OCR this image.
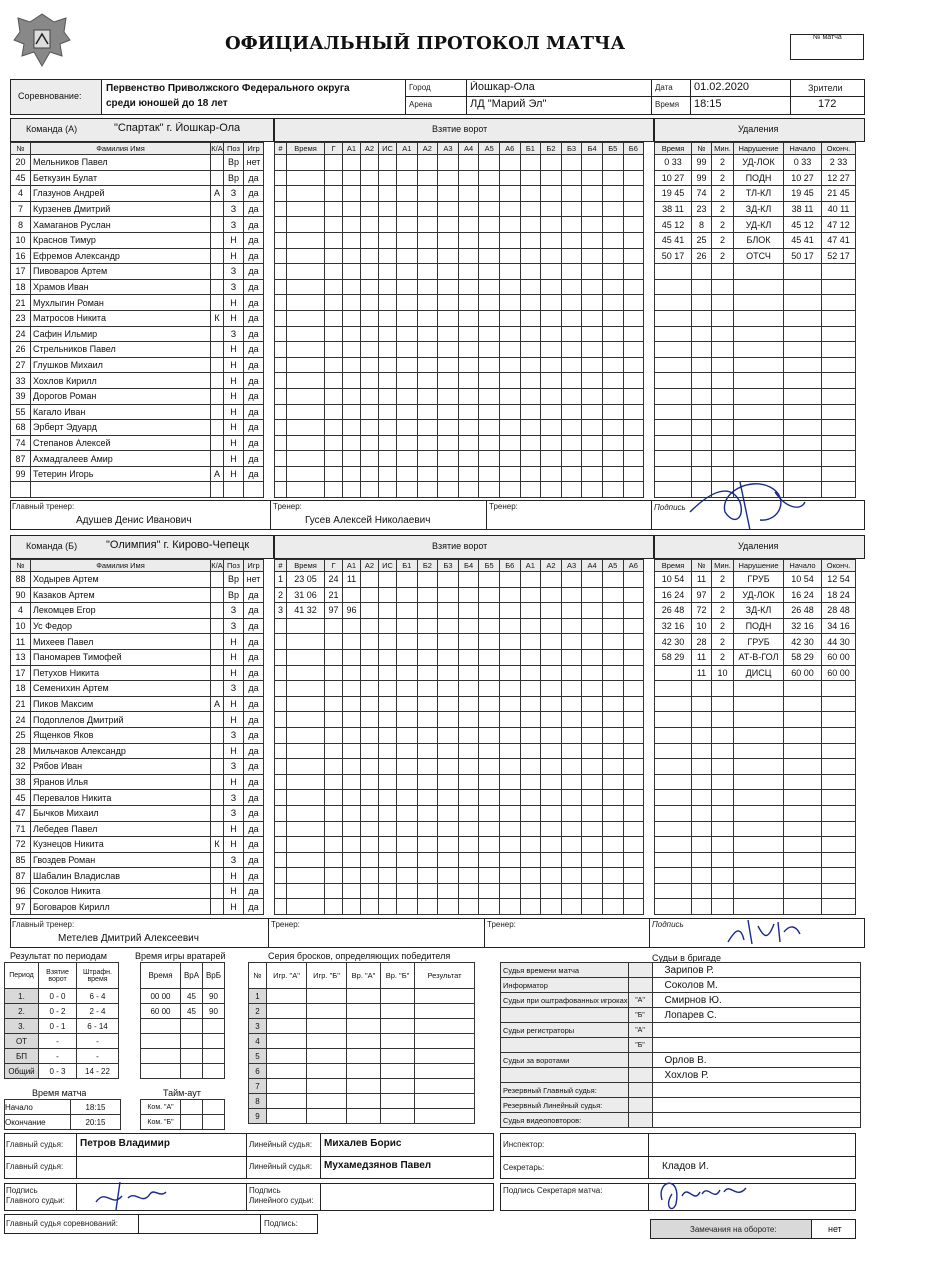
ОФИЦИАЛЬНЫЙ ПРОТОКОЛ МАТЧА	№ матча
Соревнование:
Первенство Приволжского Федерального округа
среди юношей до 18 лет
Город	Йошкар-Ола
Арена	ЛД "Марий Эл"
Дата 01.02.2020
Время 18:15
Зрители
172
Команда (А)	"Спартак" г. Йошкар-Ола	Взятие ворот	Удаления
№	Фамилия Имя	К/А	Поз	Игр
20	Мельников Павел		Вр	нет
45	Беткузин Булат		Вр	да
4	Глазунов Андрей	А	З	да
7	Курзенев Дмитрий		З	да
8	Хамаганов Руслан		З	да
10	Краснов Тимур		Н	да
16	Ефремов Александр		Н	да
17	Пивоваров Артем		З	да
18	Храмов Иван		З	да
21	Мухлыгин Роман		Н	да
23	Матросов Никита	К	Н	да
24	Сафин Ильмир		З	да
26	Стрельников Павел		Н	да
27	Глушков Михаил		Н	да
33	Хохлов Кирилл		Н	да
39	Дорогов Роман		Н	да
55	Кагало Иван		Н	да
68	Эрберт Эдуард		Н	да
74	Степанов Алексей		Н	да
87	Ахмадгалеев Амир		Н	да
99	Тетерин Игорь	А	Н	да

#	Время	Г	А1	А2	ИС	А1	А2	А3	А4	А5	А6	Б1	Б2	Б3	Б4	Б5	Б6

																		Время	№	Мин.	Нарушение	Начало	Оконч.
0 33	99	2	УД-ЛОК	0 33	2 33
10 27	99	2	ПОДН	10 27	12 27
19 45	74	2	ТЛ-КЛ	19 45	21 45
38 11	23	2	ЗД-КЛ	38 11	40 11
45 12	8	2	УД-КЛ	45 12	47 12
45 41	25	2	БЛОК	45 41	47 41
50 17	26	2	ОТСЧ	50 17	52 17

Главный тренер:
Адушев Денис Иванович
Тренер:
Гусев Алексей Николаевич
Тренер:	Подпись
Команда (Б)	"Олимпия" г. Кирово-Чепецк	Взятие ворот	Удаления
№	Фамилия Имя	К/А	Поз	Игр
88	Ходырев Артем		Вр	нет
90	Казаков Артем		Вр	да
4	Лекомцев Егор		З	да
10	Ус Федор		З	да
11	Михеев Павел		Н	да
13	Паномарев Тимофей		Н	да
17	Петухов Никита		Н	да
18	Семенихин Артем		З	да
21	Пиков Максим	А	Н	да
24	Подоплелов Дмитрий		Н	да
25	Ященков Яков		З	да
28	Мильчаков Александр		Н	да
32	Рябов Иван		З	да
38	Яранов Илья		Н	да
45	Перевалов Никита		З	да
47	Бычков Михаил		З	да
71	Лебедев Павел		Н	да
72	Кузнецов Никита	К	Н	да
85	Гвоздев Роман		З	да
87	Шабалин Владислав		Н	да
96	Соколов Никита		Н	да
97	Боговаров Кирилл		Н	да
#	Время	Г	А1	А2	ИС	Б1	Б2	Б3	Б4	Б5	Б6	А1	А2	А3	А4	А5	А6
1	23 05	24	11														
2	31 06	21															
3	41 32	97	96														

Время	№	Мин.	Нарушение	Начало	Оконч.
10 54	11	2	ГРУБ	10 54	12 54
16 24	97	2	УД-ЛОК	16 24	18 24
26 48	72	2	ЗД-КЛ	26 48	28 48
32 16	10	2	ПОДН	32 16	34 16
42 30	28	2	ГРУБ	42 30	44 30
58 29	11	2	АТ-В-ГОЛ	58 29	60 00
	11	10	ДИСЦ	60 00	60 00

Главный тренер:
Метелев Дмитрий Алексеевич
Тренер:	Тренер:	Подпись
Результат по периодам
Период	Взятие ворот	Штрафн. время
1.	0 - 0	6 - 4
2.	0 - 2	2 - 4
3.	0 - 1	6 - 14
ОТ	-	-
БП	-	-
Общий	0 - 3	14 - 22
Время игры вратарей
Время	ВрА	ВрБ
00 00	45	90
60 00	45	90

Время матча
Начало	18:15
Окончание	20:15
Тайм-аут
Ком. "А"		
Ком. "Б"		
Серия бросков, определяющих победителя
№	Игр. "А"	Игр. "Б"	Вр. "А"	Вр. "Б"	Результат
1					
2					
3					
4					
5					
6					
7					
8					
9					
Судьи в бригаде
Судья времени матча		Зарипов Р.
Информатор		Соколов М.
Судьи при оштрафованных игроках	"А"	Смирнов Ю.
	"Б"	Лопарев С.
Судьи регистраторы	"А"	
	"Б"	
Судьи за воротами		Орлов В.
		Хохлов Р.
Резервный Главный судья:		
Резервный Линейный судья:		
Судья видеоповторов:		
Главный судья: Петров Владимир
Главный судья:
Линейный судья: Михалев Борис
Линейный судья: Мухамедзянов Павел
Инспектор:
Секретарь:	Кладов И.
Подпись Главного судьи:
Подпись Линейного судьи:
Подпись Секретаря матча:
Главный судья соревнований:	Подпись:
Замечания на обороте:	нет
